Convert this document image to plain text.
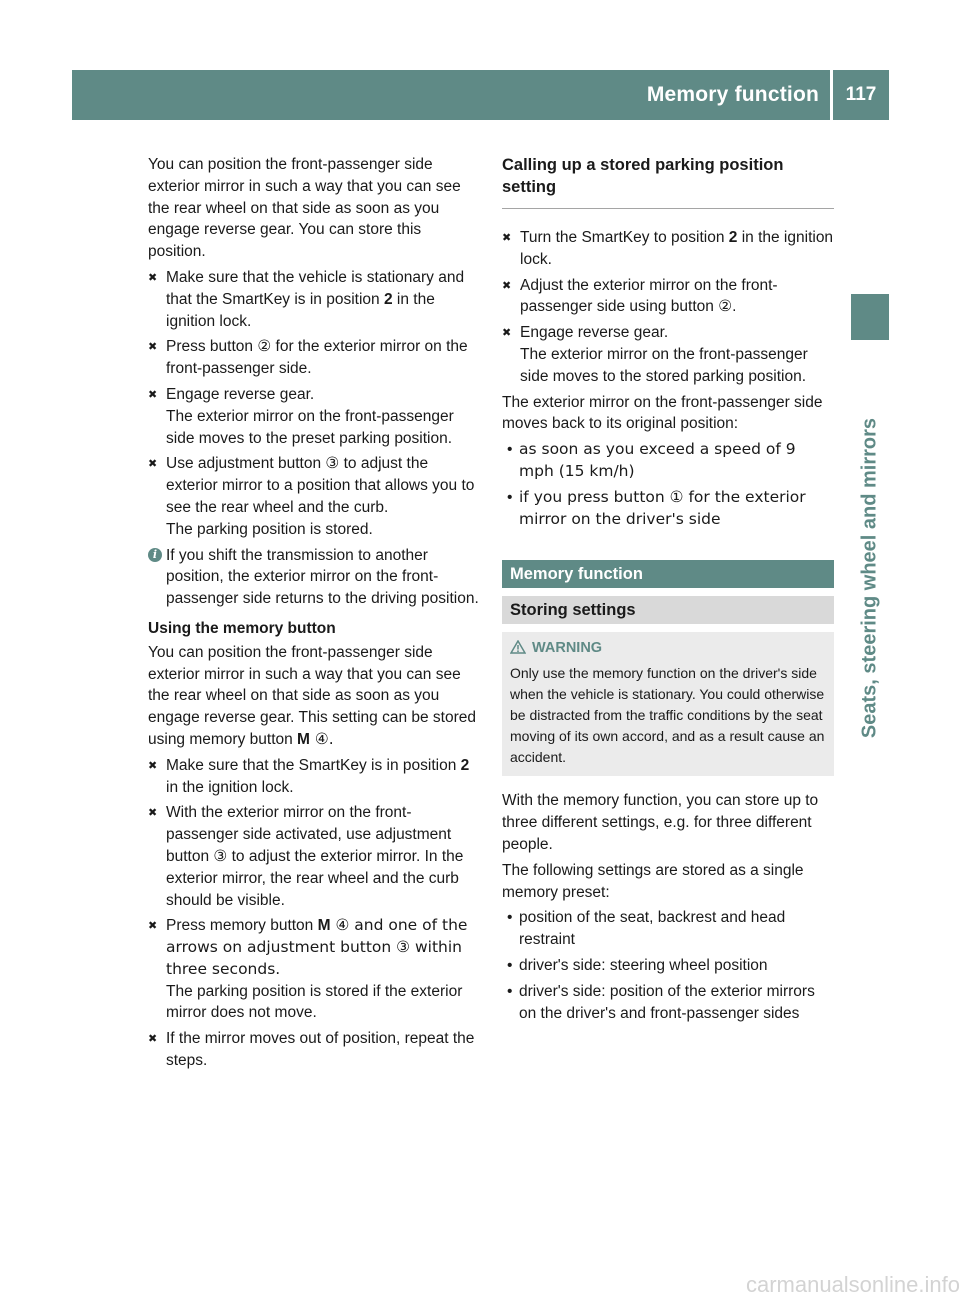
Memory function	117
Seats, steering wheel and mirrors

You can position the front-passenger side exterior mirror in such a way that you can see the rear wheel on that side as soon as you engage reverse gear. You can store this position.

✖ Make sure that the vehicle is stationary and that the SmartKey is in position 2 in the ignition lock.
✖ Press button ② for the exterior mirror on the front-passenger side.
✖ Engage reverse gear.
The exterior mirror on the front-passenger side moves to the preset parking position.
✖ Use adjustment button ③ to adjust the exterior mirror to a position that allows you to see the rear wheel and the curb.
The parking position is stored.
i If you shift the transmission to another position, the exterior mirror on the front-passenger side returns to the driving position.

Using the memory button

You can position the front-passenger side exterior mirror in such a way that you can see the rear wheel on that side as soon as you engage reverse gear. This setting can be stored using memory button M ④.

✖ Make sure that the SmartKey is in position 2 in the ignition lock.
✖ With the exterior mirror on the front-passenger side activated, use adjustment button ③ to adjust the exterior mirror. In the exterior mirror, the rear wheel and the curb should be visible.
✖ Press memory button M ④ and one of the arrows on adjustment button ③ within three seconds.
The parking position is stored if the exterior mirror does not move.
✖ If the mirror moves out of position, repeat the steps.
Calling up a stored parking position setting
✖ Turn the SmartKey to position 2 in the ignition lock.
✖ Adjust the exterior mirror on the front-passenger side using button ②.
✖ Engage reverse gear.
The exterior mirror on the front-passenger side moves to the stored parking position.

The exterior mirror on the front-passenger side moves back to its original position:

• as soon as you exceed a speed of 9 mph (15 km/h)
• if you press button ① for the exterior mirror on the driver's side
Memory function
Storing settings
WARNING
Only use the memory function on the driver's side when the vehicle is stationary. You could otherwise be distracted from the traffic conditions by the seat moving of its own accord, and as a result cause an accident.

With the memory function, you can store up to three different settings, e.g. for three different people.

The following settings are stored as a single memory preset:

• position of the seat, backrest and head restraint
• driver's side: steering wheel position
• driver's side: position of the exterior mirrors on the driver's and front-passenger sides
carmanualsonline.info
